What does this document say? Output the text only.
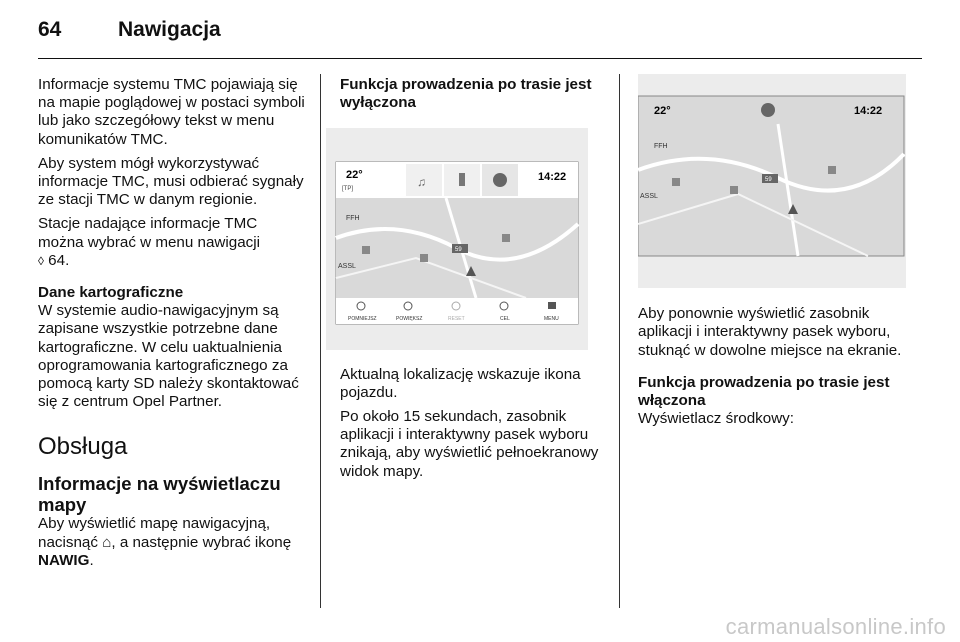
64	Nawigacja

Informacje systemu TMC pojawiają się na mapie poglądowej w postaci symboli lub jako szczegółowy tekst w menu komunikatów TMC.

Aby system mógł wykorzystywać informacje TMC, musi odbierać sygnały ze stacji TMC w danym regionie.

Stacje nadające informacje TMC można wybrać w menu nawigacji
◊ 64.

Dane kartograficzne

W systemie audio-nawigacyjnym są zapisane wszystkie potrzebne dane kartograficzne. W celu uaktualnienia oprogramowania kartograficznego za pomocą karty SD należy skontaktować się z centrum Opel Partner.

Obsługa
Informacje na wyświetlaczu mapy

Aby wyświetlić mapę nawigacyjną, nacisnąć ⌂, a następnie wybrać ikonę NAWIG.

Funkcja prowadzenia po trasie jest wyłączona
22°
[TP]	♫	14:22
FFH
ASSL
59
POMNIEJSZ	POWIĘKSZ	RESET	CEL	MENU

Aktualną lokalizację wskazuje ikona pojazdu.

Po około 15 sekundach, zasobnik aplikacji i interaktywny pasek wyboru znikają, aby wyświetlić pełnoekranowy widok mapy.

22°	14:22
FFH
ASSL
59

Aby ponownie wyświetlić zasobnik aplikacji i interaktywny pasek wyboru, stuknąć w dowolne miejsce na ekranie.

Funkcja prowadzenia po trasie jest włączona

Wyświetlacz środkowy:

carmanualsonline.info
